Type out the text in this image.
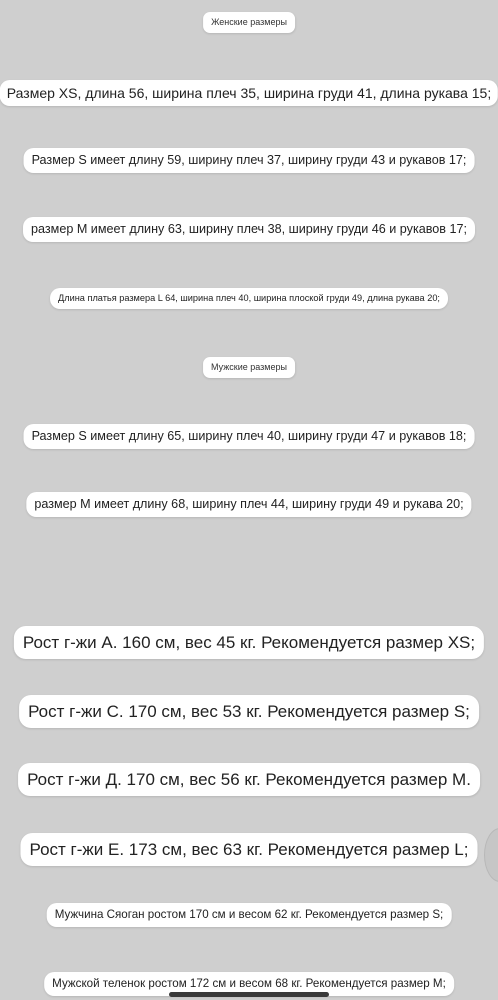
Женские размеры
Размер XS, длина 56, ширина плеч 35, ширина груди 41, длина рукава 15;
Размер S имеет длину 59, ширину плеч 37, ширину груди 43 и рукавов 17;
размер M имеет длину 63, ширину плеч 38, ширину груди 46 и рукавов 17;
Длина платья размера L 64, ширина плеч 40, ширина плоской груди 49, длина рукава 20;
Мужские размеры
Размер S имеет длину 65, ширину плеч 40, ширину груди 47 и рукавов 18;
размер M имеет длину 68, ширину плеч 44, ширину груди 49 и рукава 20;
Рост г-жи А. 160 см, вес 45 кг. Рекомендуется размер XS;
Рост г-жи C. 170 см, вес 53 кг. Рекомендуется размер S;
Рост г-жи Д. 170 см, вес 56 кг. Рекомендуется размер M.
Рост г-жи E. 173 см, вес 63 кг. Рекомендуется размер L;
Мужчина Сяоган ростом 170 см и весом 62 кг. Рекомендуется размер S;
Мужской теленок ростом 172 см и весом 68 кг. Рекомендуется размер M;
